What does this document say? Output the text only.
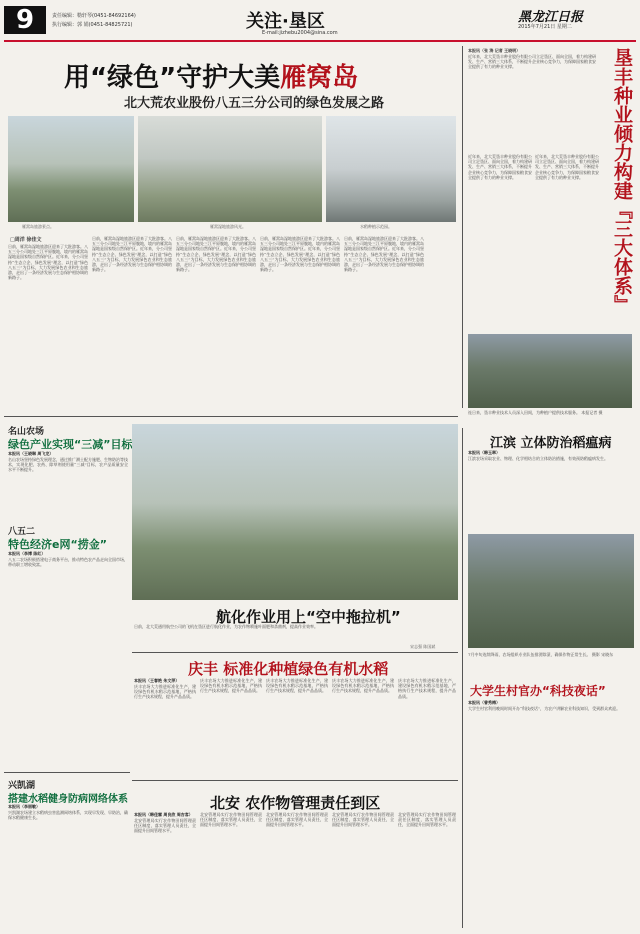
9	责任编辑：勒轩琴(0451-84692164)
执行编辑：郭 娟(0451-84825721)	关注·垦区
E-mail:jizhebu2004@sina.com
黑龙江日报
2015年7月21日 星期二
用“绿色”守护大美雁窝岛
北大荒农业股份八五三分公司的绿色发展之路
雁窝岛旅游景点。	雁窝湿地旅游风光。	水稻种植示范园。
□周洋 徐佳文
日前，雁窝岛湿地旅游区迎来了大批游客。八五三分公司地处三江平原腹地，境内的雁窝岛湿地是国家级自然保护区。近年来，分公司坚持“生态立企、绿色发展”理念，以打造“绿色八五三”为目标，大力发展绿色农业和生态旅游，走出了一条经济发展与生态保护相协调的新路子。
日前，雁窝岛湿地旅游区迎来了大批游客。八五三分公司地处三江平原腹地，境内的雁窝岛湿地是国家级自然保护区。近年来，分公司坚持“生态立企、绿色发展”理念，以打造“绿色八五三”为目标，大力发展绿色农业和生态旅游，走出了一条经济发展与生态保护相协调的新路子。
日前，雁窝岛湿地旅游区迎来了大批游客。八五三分公司地处三江平原腹地，境内的雁窝岛湿地是国家级自然保护区。近年来，分公司坚持“生态立企、绿色发展”理念，以打造“绿色八五三”为目标，大力发展绿色农业和生态旅游，走出了一条经济发展与生态保护相协调的新路子。
日前，雁窝岛湿地旅游区迎来了大批游客。八五三分公司地处三江平原腹地，境内的雁窝岛湿地是国家级自然保护区。近年来，分公司坚持“生态立企、绿色发展”理念，以打造“绿色八五三”为目标，大力发展绿色农业和生态旅游，走出了一条经济发展与生态保护相协调的新路子。
日前，雁窝岛湿地旅游区迎来了大批游客。八五三分公司地处三江平原腹地，境内的雁窝岛湿地是国家级自然保护区。近年来，分公司坚持“生态立企、绿色发展”理念，以打造“绿色八五三”为目标，大力发展绿色农业和生态旅游，走出了一条经济发展与生态保护相协调的新路子。
本报讯（张 涛 记者 王晓明）
近年来，北大荒垦丰种业股份有限公司立足垦区、面向全国，着力构建研发、生产、营销三大体系，不断提升企业核心竞争力，为保障国家粮食安全提供了有力的种业支撑。	垦丰种业倾力构建『三大体系』
近年来，北大荒垦丰种业股份有限公司立足垦区、面向全国，着力构建研发、生产、营销三大体系，不断提升企业核心竞争力，为保障国家粮食安全提供了有力的种业支撑。
近年来，北大荒垦丰种业股份有限公司立足垦区、面向全国，着力构建研发、生产、营销三大体系，不断提升企业核心竞争力，为保障国家粮食安全提供了有力的种业支撑。
连日来，垦丰种业技术人员深入田间，为种植户提供技术服务。 本报记者 摄
名山农场
绿色产业实现“三减”目标
本报讯（王晓琳 周飞龙）
名山农场坚持绿色发展理念，通过推广测土配方施肥、生物防治等技术，实现化肥、农药、除草剂使用量“三减”目标，农产品质量安全水平不断提升。
八五二
特色经济e网“捞金”
本报讯（李博 陈红）
八五二农场积极搭建电子商务平台，推动特色农产品走向全国市场，带动职工增收致富。
航化作业用上“空中拖拉机”
日前，北大荒通用航空公司的飞机在垦区进行航化作业，为农作物喷施叶面肥和杀菌剂，提高作业效率。
宋志强 陈国斌
庆丰 标准化种植绿色有机水稻
本报讯（王春艳 朱文萍）
庆丰农场大力推进标准化生产，建设绿色有机水稻示范基地，严格执行生产技术规程，提升产品品质。
庆丰农场大力推进标准化生产，建设绿色有机水稻示范基地，严格执行生产技术规程，提升产品品质。
庆丰农场大力推进标准化生产，建设绿色有机水稻示范基地，严格执行生产技术规程，提升产品品质。
庆丰农场大力推进标准化生产，建设绿色有机水稻示范基地，严格执行生产技术规程，提升产品品质。
庆丰农场大力推进标准化生产，建设绿色有机水稻示范基地，严格执行生产技术规程，提升产品品质。
兴凯湖
搭建水稻健身防病网络体系
本报讯（李丽敏）
兴凯湖农场建立水稻病虫害监测网络体系，实现早发现、早防治，确保水稻健康生长。
北安 农作物管理责任到区
本报讯（韩佳霖 周良欣 周吉客）
北安管理局实行农作物田间管理责任区制度，落实管理人员责任，全面提升田间管理水平。
北安管理局实行农作物田间管理责任区制度，落实管理人员责任，全面提升田间管理水平。
北安管理局实行农作物田间管理责任区制度，落实管理人员责任，全面提升田间管理水平。
北安管理局实行农作物田间管理责任区制度，落实管理人员责任，全面提升田间管理水平。
北安管理局实行农作物田间管理责任区制度，落实管理人员责任，全面提升田间管理水平。
江滨 立体防治稻瘟病
本报讯（韩玉翠）
江滨农场采取农业、物理、化学相结合的立体防治措施，有效预防稻瘟病发生。
7月中旬连续降雨，农场组织专业队伍排涝除渍，确保作物正常生长。 摄影 宋晓东
大学生村官办“科技夜话”
本报讯（曾秀梅）
大学生村官利用晚间时间开办“科技夜话”，为农户讲解农业科技知识，受到群众欢迎。
